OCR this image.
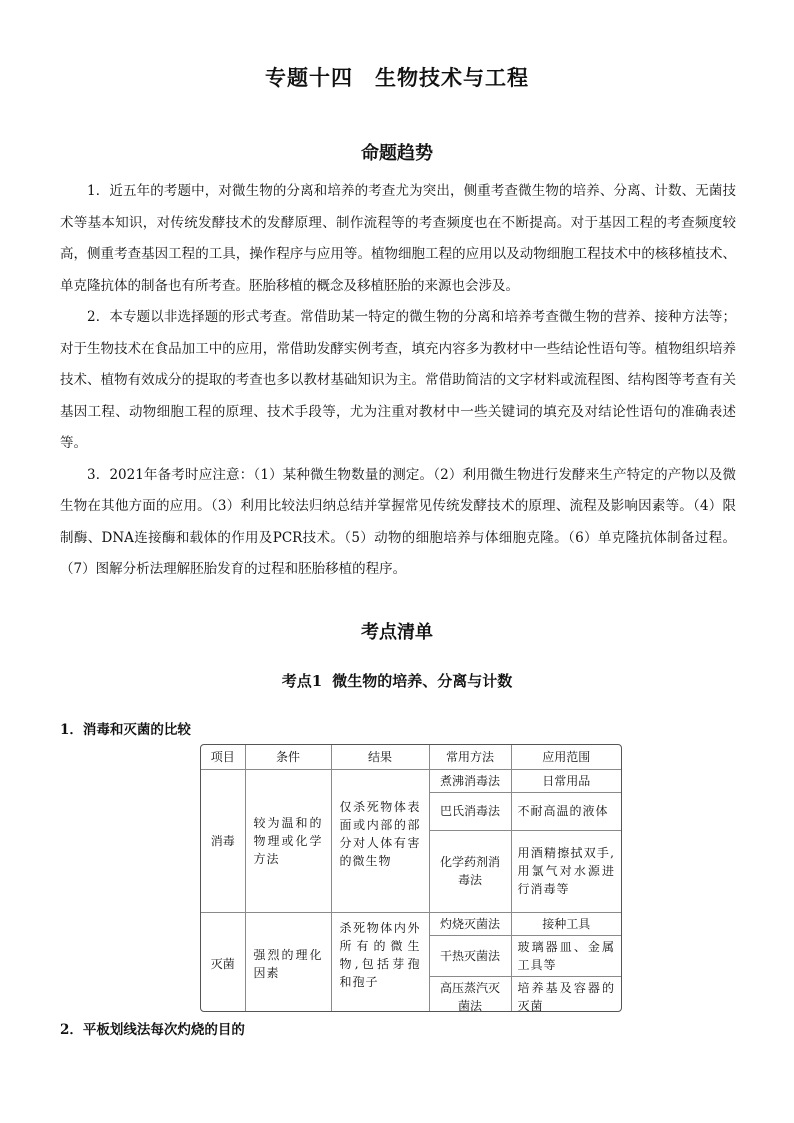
专题十四 生物技术与工程
命题趋势

1．近五年的考题中，对微生物的分离和培养的考查尤为突出，侧重考查微生物的培养、分离、计数、无菌技术等基本知识，对传统发酵技术的发酵原理、制作流程等的考查频度也在不断提高。对于基因工程的考查频度较高，侧重考查基因工程的工具，操作程序与应用等。植物细胞工程的应用以及动物细胞工程技术中的核移植技术、单克隆抗体的制备也有所考查。胚胎移植的概念及移植胚胎的来源也会涉及。

2．本专题以非选择题的形式考查。常借助某一特定的微生物的分离和培养考查微生物的营养、接种方法等；对于生物技术在食品加工中的应用，常借助发酵实例考查，填充内容多为教材中一些结论性语句等。植物组织培养技术、植物有效成分的提取的考查也多以教材基础知识为主。常借助简洁的文字材料或流程图、结构图等考查有关基因工程、动物细胞工程的原理、技术手段等，尤为注重对教材中一些关键词的填充及对结论性语句的准确表述等。

3．2021年备考时应注意：（1）某种微生物数量的测定。（2）利用微生物进行发酵来生产特定的产物以及微生物在其他方面的应用。（3）利用比较法归纳总结并掌握常见传统发酵技术的原理、流程及影响因素等。（4）限制酶、DNA连接酶和载体的作用及PCR技术。（5）动物的细胞培养与体细胞克隆。（6）单克隆抗体制备过程。（7）图解分析法理解胚胎发育的过程和胚胎移植的程序。

考点清单
考点1 微生物的培养、分离与计数
1．消毒和灭菌的比较
项目	条件	结果	常用方法	应用范围
消毒	较为温和的物理或化学方法	仅杀死物体表面或内部的部分对人体有害的微生物	煮沸消毒法	日常用品
			巴氏消毒法	不耐高温的液体
			化学药剂消毒法	用酒精擦拭双手,用氯气对水源进行消毒等
灭菌	强烈的理化因素	杀死物体内外所有的微生物,包括芽孢和孢子	灼烧灭菌法	接种工具
			干热灭菌法	玻璃器皿、金属工具等
			高压蒸汽灭菌法	培养基及容器的灭菌
2．平板划线法每次灼烧的目的
